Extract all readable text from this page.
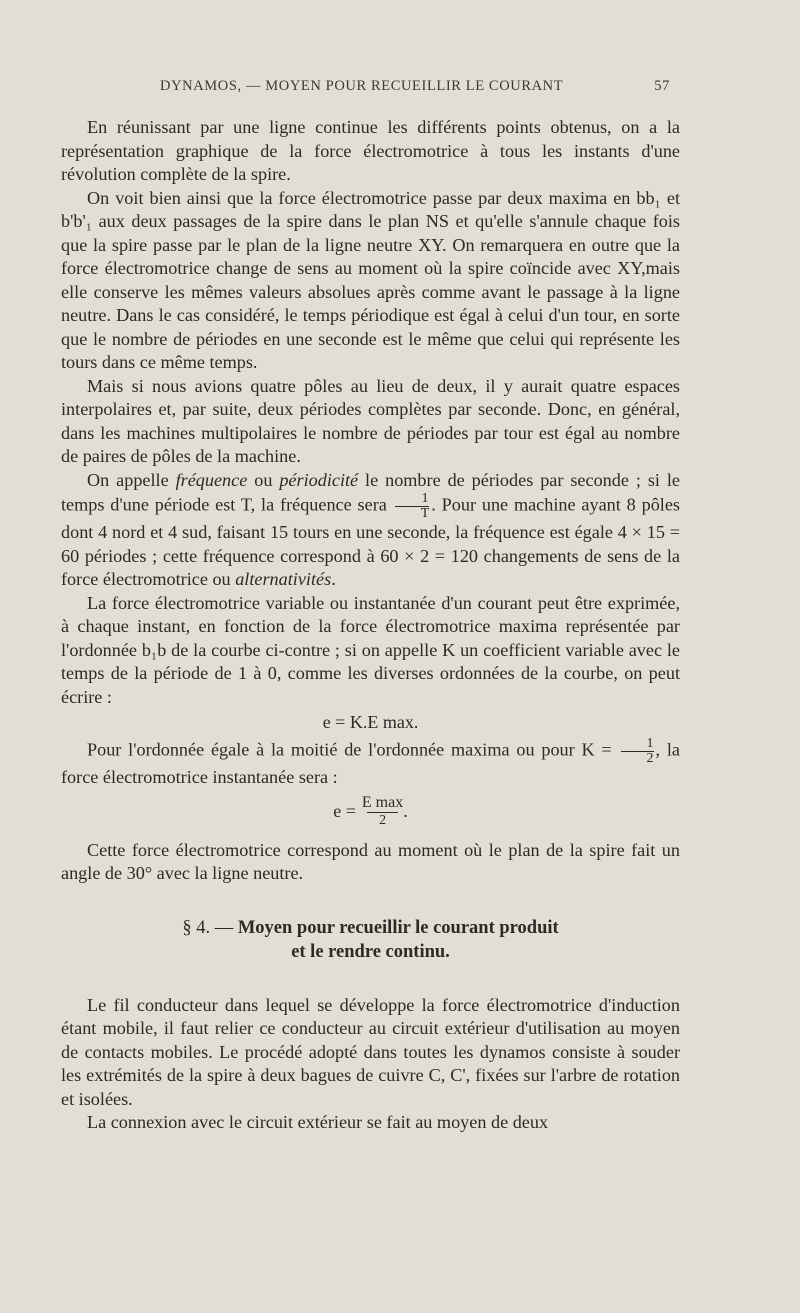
DYNAMOS, — MOYEN POUR RECUEILLIR LE COURANT	57

En réunissant par une ligne continue les différents points obtenus, on a la représentation graphique de la force électromotrice à tous les instants d'une révolution complète de la spire.

On voit bien ainsi que la force électromotrice passe par deux maxima en bb₁ et b'b'₁ aux deux passages de la spire dans le plan NS et qu'elle s'annule chaque fois que la spire passe par le plan de la ligne neutre XY. On remarquera en outre que la force électromotrice change de sens au moment où la spire coïncide avec XY,mais elle conserve les mêmes valeurs absolues après comme avant le passage à la ligne neutre. Dans le cas considéré, le temps périodique est égal à celui d'un tour, en sorte que le nombre de périodes en une seconde est le même que celui qui représente les tours dans ce même temps.

Mais si nous avions quatre pôles au lieu de deux, il y aurait quatre espaces interpolaires et, par suite, deux périodes complètes par seconde. Donc, en général, dans les machines multipolaires le nombre de périodes par tour est égal au nombre de paires de pôles de la machine.

On appelle fréquence ou périodicité le nombre de périodes par seconde ; si le temps d'une période est T, la fréquence sera $\frac{1}{T}$ . Pour une machine ayant 8 pôles dont 4 nord et 4 sud, faisant 15 tours en une seconde, la fréquence est égale 4 × 15 = 60 périodes ; cette fréquence correspond à 60 × 2 = 120 changements de sens de la force électromotrice ou alternativités.

La force électromotrice variable ou instantanée d'un courant peut être exprimée, à chaque instant, en fonction de la force électromotrice maxima représentée par l'ordonnée b₁b de la courbe ci-contre ; si on appelle K un coefficient variable avec le temps de la période de 1 à 0, comme les diverses ordonnées de la courbe, on peut écrire :

e = K.E max.

Pour l'ordonnée égale à la moitié de l'ordonnée maxima ou pour $K = \frac{1}{2}$ , la force électromotrice instantanée sera :

e = E max
2 .

Cette force électromotrice correspond au moment où le plan de la spire fait un angle de 30° avec la ligne neutre.

§ 4. — Moyen pour recueillir le courant produit
et le rendre continu.

Le fil conducteur dans lequel se développe la force électromotrice d'induction étant mobile, il faut relier ce conducteur au circuit extérieur d'utilisation au moyen de contacts mobiles. Le procédé adopté dans toutes les dynamos consiste à souder les extrémités de la spire à deux bagues de cuivre C, C', fixées sur l'arbre de rotation et isolées.

La connexion avec le circuit extérieur se fait au moyen de deux
